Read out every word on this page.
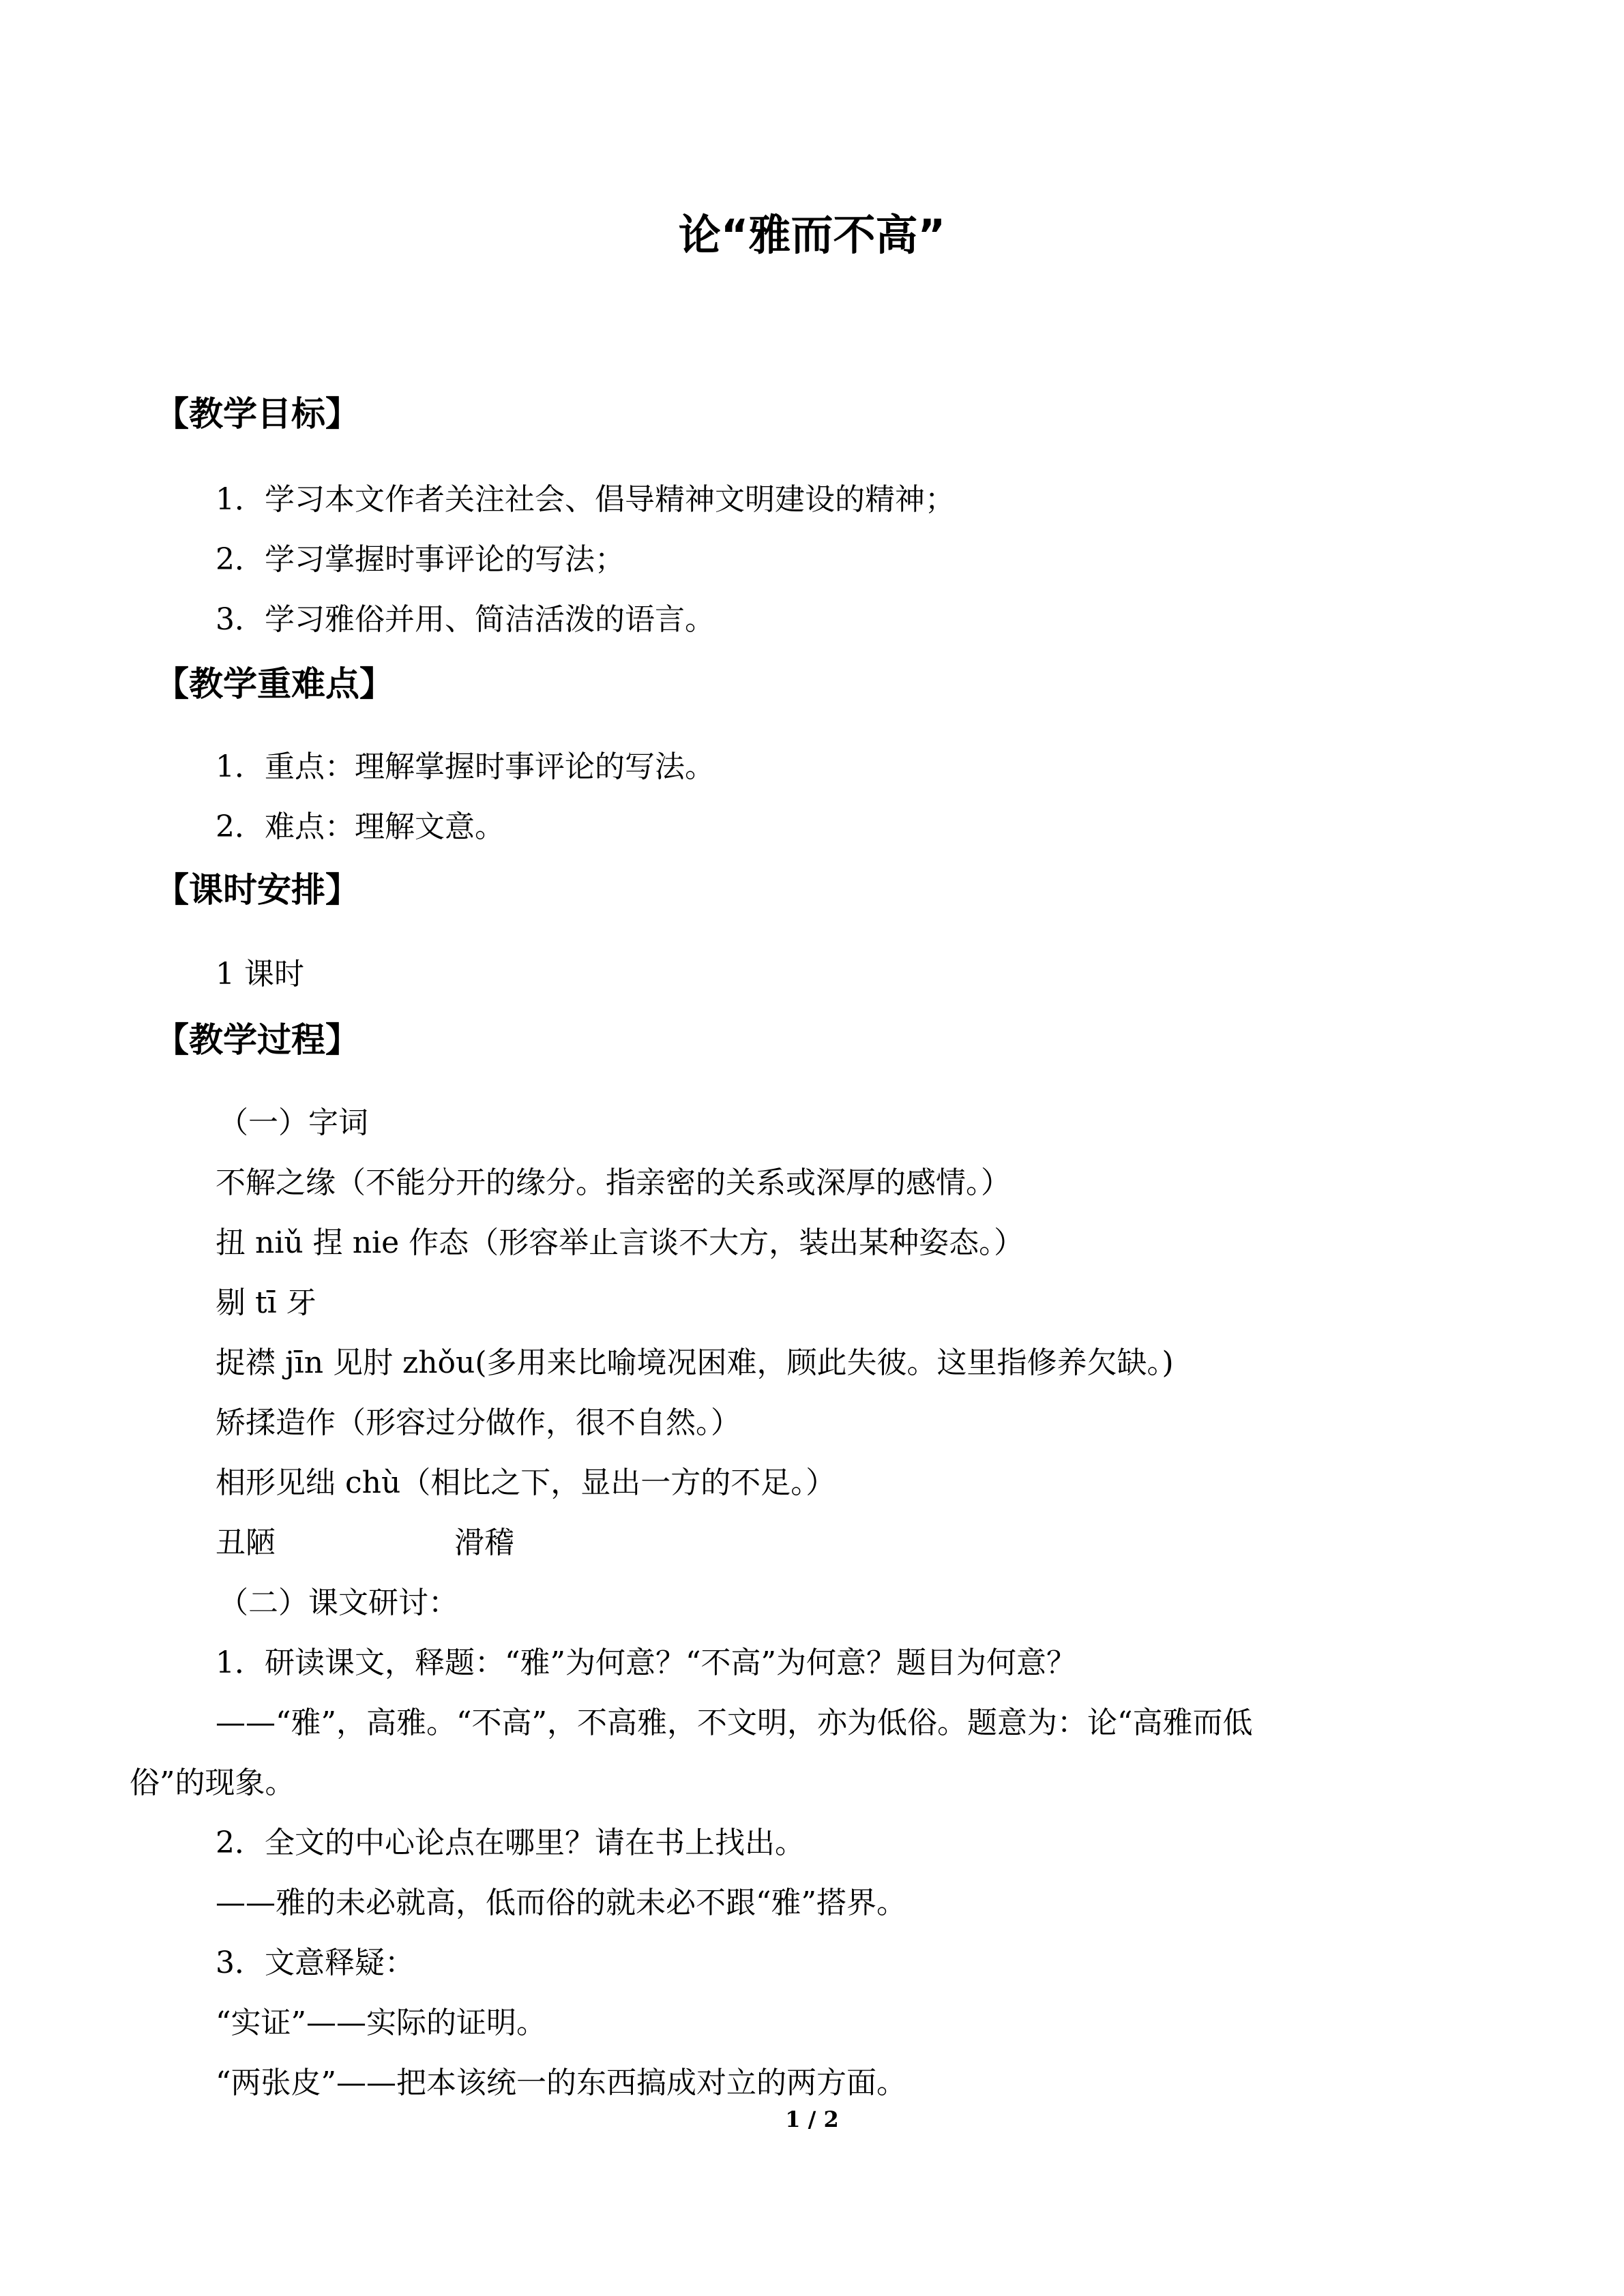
论“雅而不高”
【教学目标】
1．学习本文作者关注社会、倡导精神文明建设的精神；
2．学习掌握时事评论的写法；
3．学习雅俗并用、简洁活泼的语言。
【教学重难点】
1．重点：理解掌握时事评论的写法。
2．难点：理解文意。
【课时安排】
1 课时
【教学过程】
（一）字词
不解之缘（不能分开的缘分。指亲密的关系或深厚的感情。）
扭 niǔ 捏 nie 作态（形容举止言谈不大方，装出某种姿态。）
剔 tī 牙
捉襟 jīn 见肘 zhǒu(多用来比喻境况困难，顾此失彼。这里指修养欠缺。)
矫揉造作（形容过分做作，很不自然。）
相形见绌 chù（相比之下，显出一方的不足。）
丑陋	滑稽
（二）课文研讨：
1．研读课文，释题：“雅”为何意？“不高”为何意？题目为何意？
——“雅”，高雅。“不高”，不高雅，不文明，亦为低俗。题意为：论“高雅而低
俗”的现象。
2．全文的中心论点在哪里？请在书上找出。
——雅的未必就高，低而俗的就未必不跟“雅”搭界。
3．文意释疑：
“实证”——实际的证明。
“两张皮”——把本该统一的东西搞成对立的两方面。
1 / 2
